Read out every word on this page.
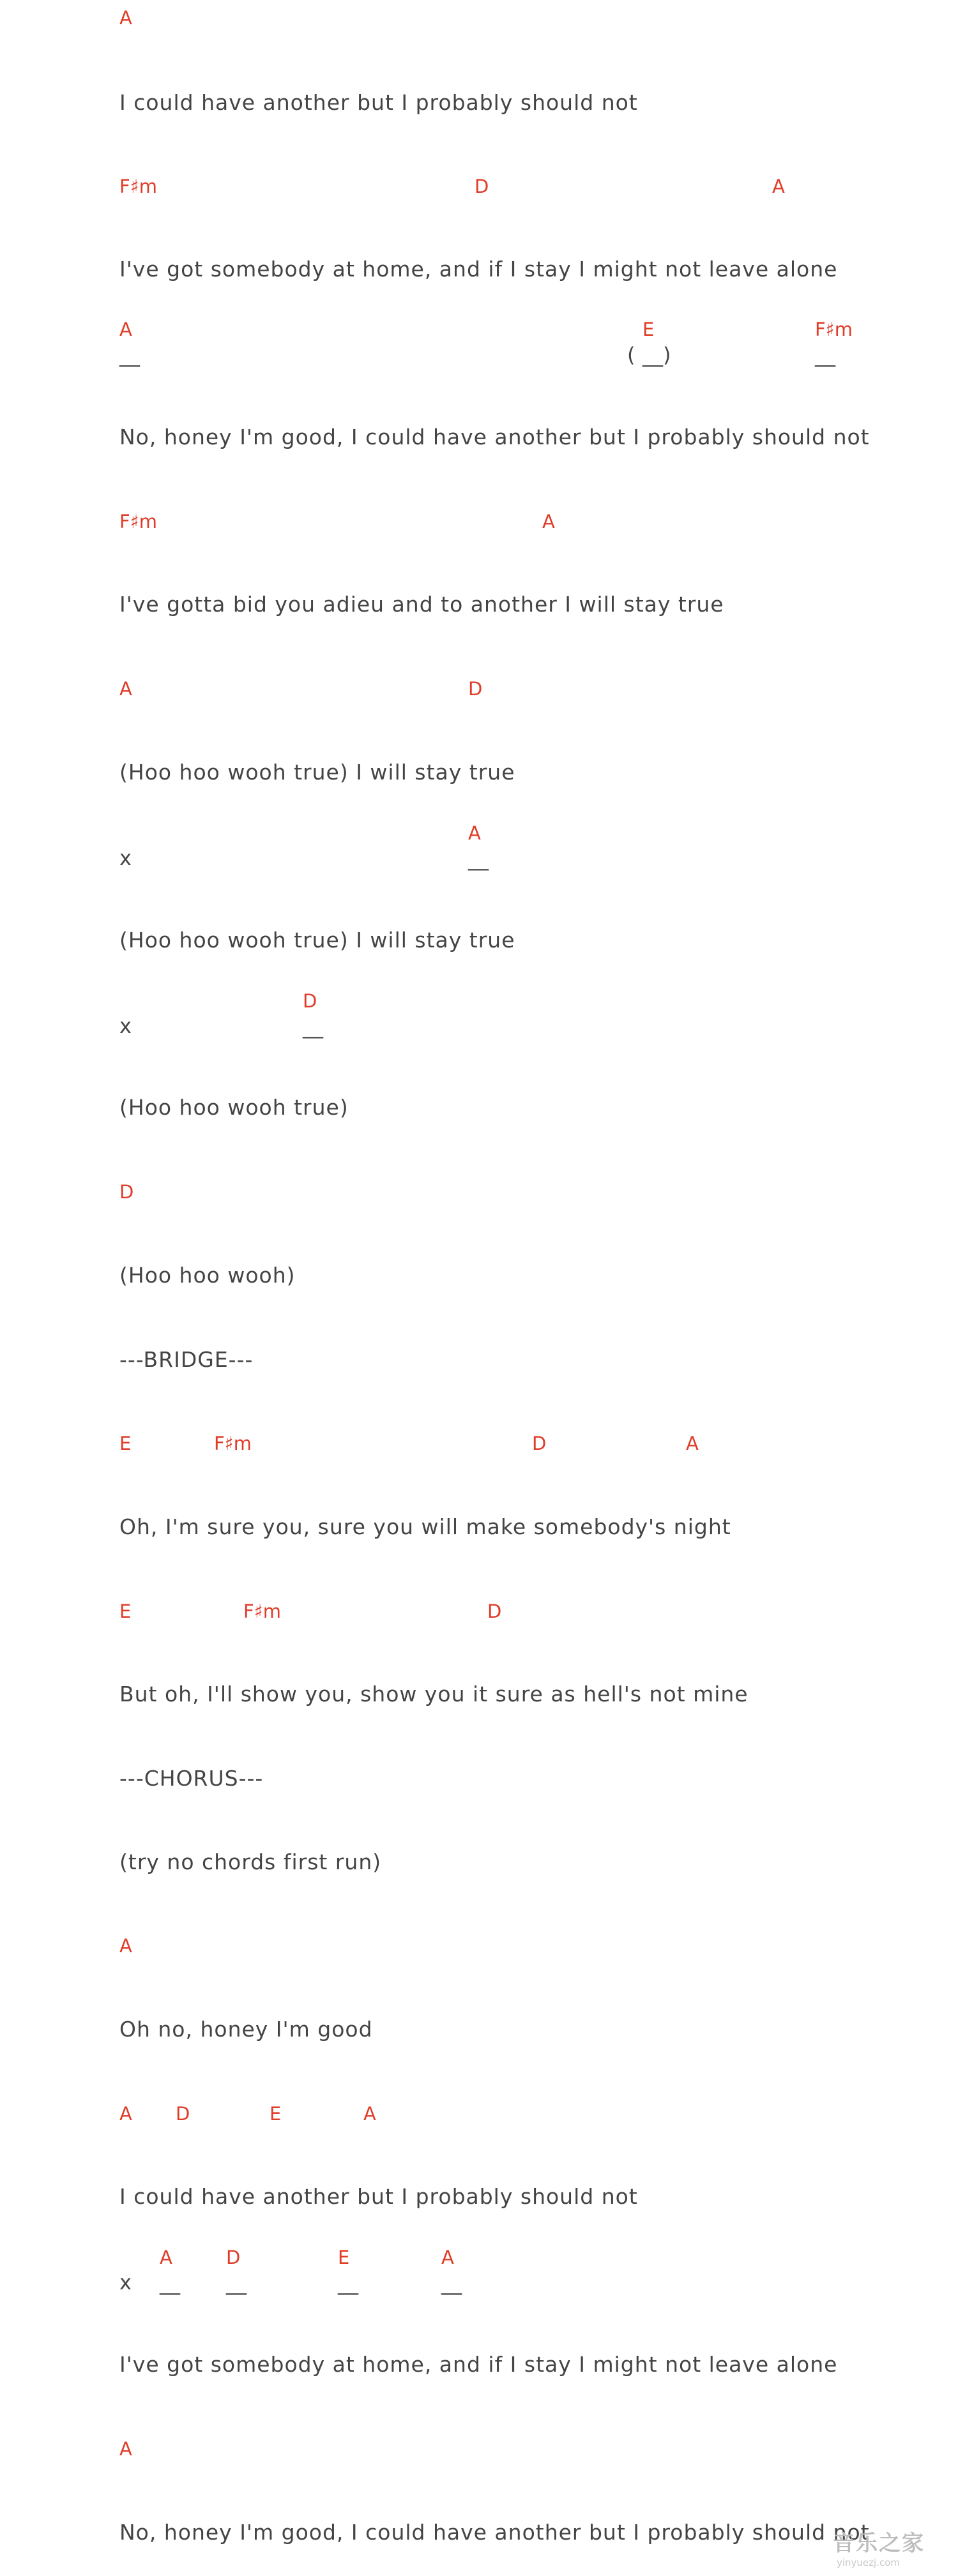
A
I could have another but I probably should not
F♯m	D	A
I've got somebody at home, and if I stay I might not leave alone
A
__
E
( __ )
F♯m
__
No, honey I'm good, I could have another but I probably should not
F♯m	A
I've gotta bid you adieu and to another I will stay true
A	D
(Hoo hoo wooh true) I will stay true
x
A
__
(Hoo hoo wooh true) I will stay true
x
D
__
(Hoo hoo wooh true)
D
(Hoo hoo wooh)
---BRIDGE---
E	F♯m	D	A
Oh, I'm sure you, sure you will make somebody's night
E	F♯m	D
But oh, I'll show you, show you it sure as hell's not mine
---CHORUS---
(try no chords first run)
A
Oh no, honey I'm good
A D	E	A
I could have another but I probably should not
x
A
__
D
__
E
__
A
__
I've got somebody at home, and if I stay I might not leave alone
A
No, honey I'm good, I could have another but I probably should not
音乐之家
yinyuezj.com
